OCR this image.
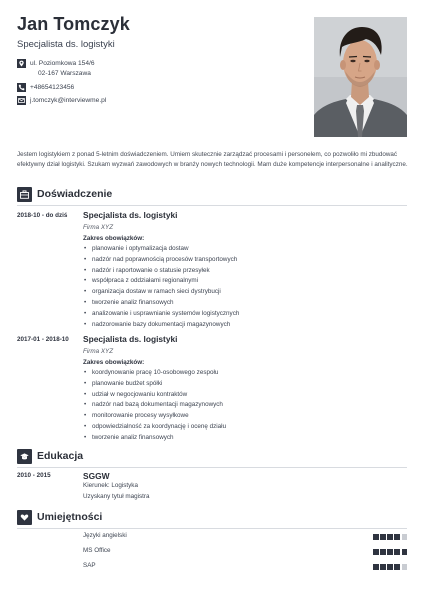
Jan Tomczyk
Specjalista ds. logistyki
ul. Poziomkowa 154/6
02-167 Warszawa
+48654123456
j.tomczyk@interviewme.pl
Jestem logistykiem z ponad 5-letnim doświadczeniem. Umiem skutecznie zarządzać procesami i personelem, co pozwoliło mi zbudować efektywny dział logistyki. Szukam wyzwań zawodowych w branży nowych technologii. Mam duże kompetencje interpersonalne i analityczne.
Doświadczenie
2018-10 - do dziś Specjalista ds. logistyki
Firma XYZ
Zakres obowiązków:
• planowanie i optymalizacja dostaw
• nadzór nad poprawnością procesów transportowych
• nadzór i raportowanie o statusie przesyłek
• współpraca z oddziałami regionalnymi
• organizacja dostaw w ramach sieci dystrybucji
• tworzenie analiz finansowych
• analizowanie i usprawnianie systemów logistycznych
• nadzorowanie bazy dokumentacji magazynowych
2017-01 - 2018-10 Specjalista ds. logistyki
Firma XYZ
Zakres obowiązków:
• koordynowanie pracę 10-osobowego zespołu
• planowanie budżet spółki
• udział w negocjowaniu kontraktów
• nadzór nad bazą dokumentacji magazynowych
• monitorowanie procesy wysyłkowe
• odpowiedzialność za koordynację i ocenę działu
• tworzenie analiz finansowych
Edukacja
2010 - 2015	SGGW
Kierunek: Logistyka
Uzyskany tytuł magistra
Umiejętności
Języki angielski
MS Office
SAP
